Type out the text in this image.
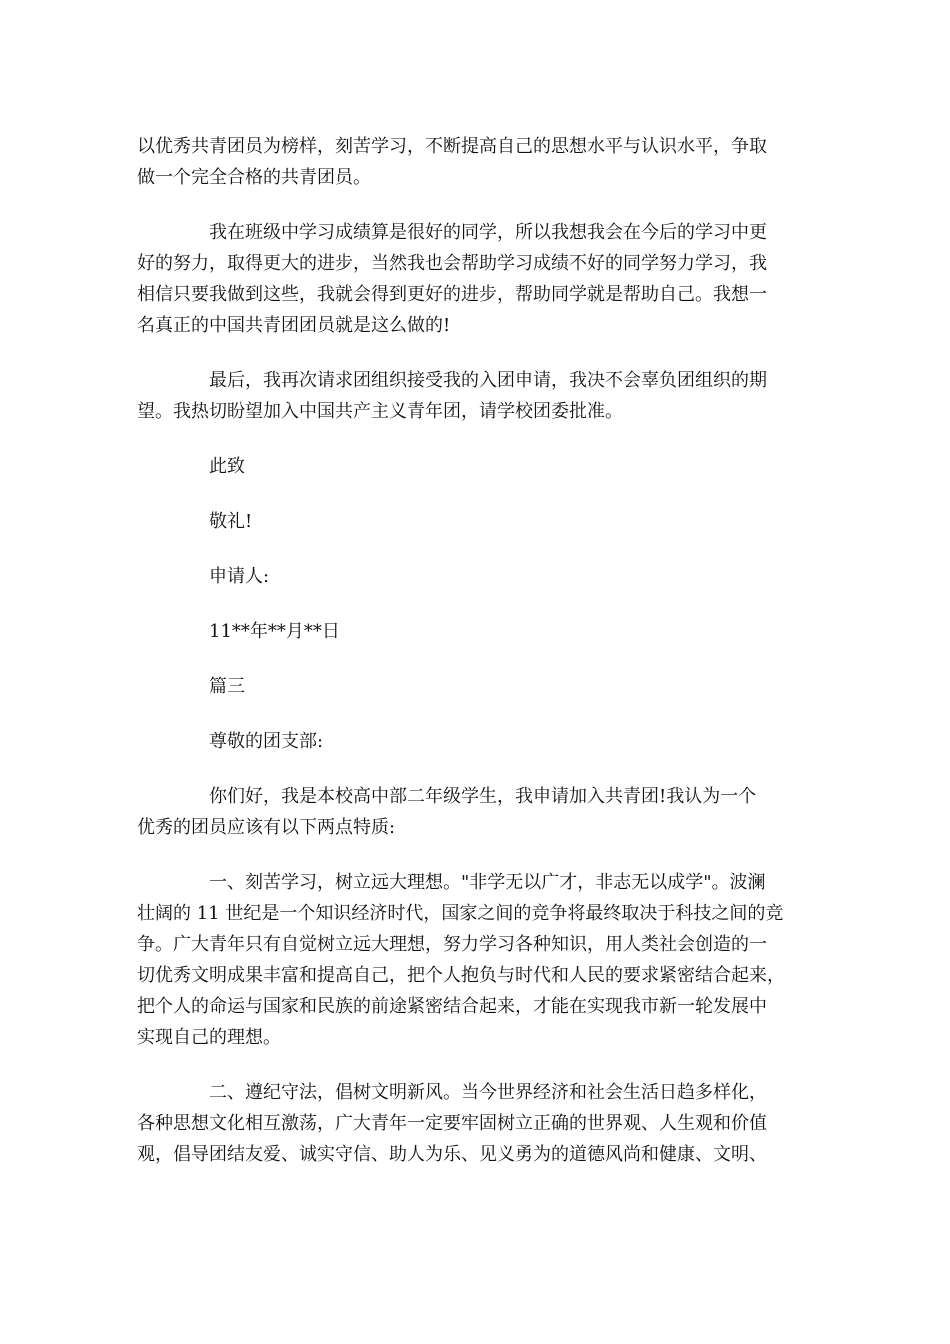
以优秀共青团员为榜样，刻苦学习，不断提高自己的思想水平与认识水平，争取
做一个完全合格的共青团员。
我在班级中学习成绩算是很好的同学，所以我想我会在今后的学习中更
好的努力，取得更大的进步，当然我也会帮助学习成绩不好的同学努力学习，我
相信只要我做到这些，我就会得到更好的进步，帮助同学就是帮助自己。我想一
名真正的中国共青团团员就是这么做的!
最后，我再次请求团组织接受我的入团申请，我决不会辜负团组织的期
望。我热切盼望加入中国共产主义青年团，请学校团委批准。
此致
敬礼!
申请人:
11**年**月**日
篇三
尊敬的团支部:
你们好，我是本校高中部二年级学生，我申请加入共青团!我认为一个
优秀的团员应该有以下两点特质:
一、刻苦学习，树立远大理想。"非学无以广才，非志无以成学"。波澜
壮阔的 11 世纪是一个知识经济时代，国家之间的竞争将最终取决于科技之间的竞
争。广大青年只有自觉树立远大理想，努力学习各种知识，用人类社会创造的一
切优秀文明成果丰富和提高自己，把个人抱负与时代和人民的要求紧密结合起来，
把个人的命运与国家和民族的前途紧密结合起来，才能在实现我市新一轮发展中
实现自己的理想。
二、遵纪守法，倡树文明新风。当今世界经济和社会生活日趋多样化，
各种思想文化相互激荡，广大青年一定要牢固树立正确的世界观、人生观和价值
观，倡导团结友爱、诚实守信、助人为乐、见义勇为的道德风尚和健康、文明、
